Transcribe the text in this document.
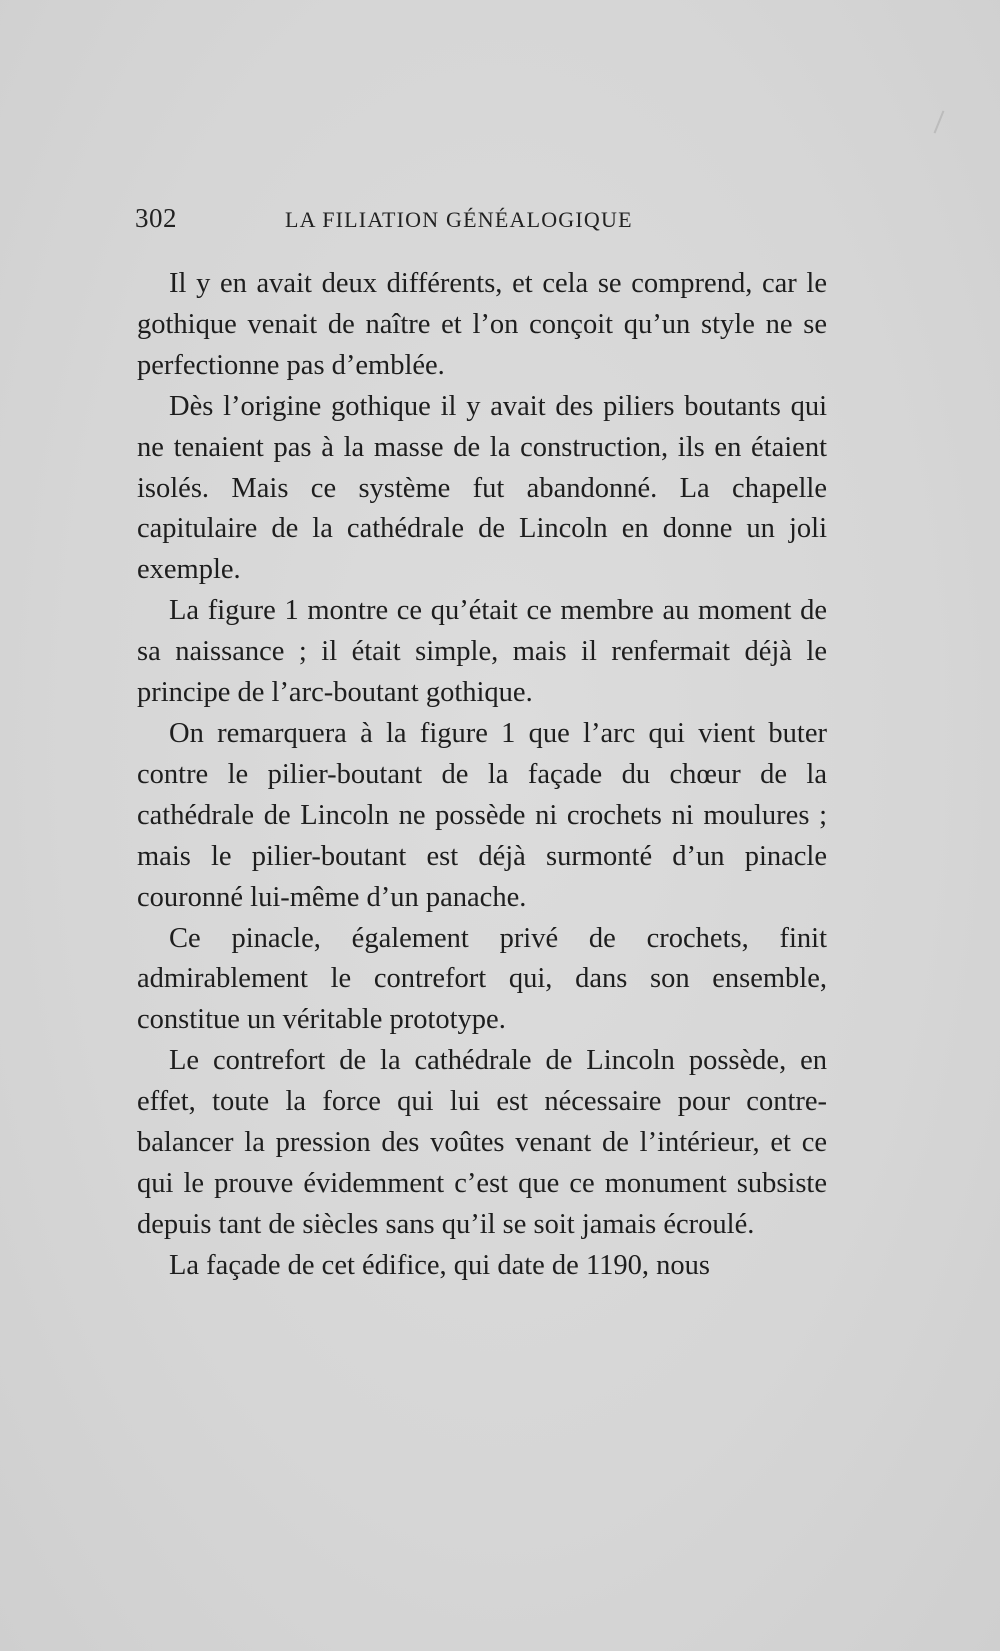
302	LA FILIATION GÉNÉALOGIQUE

Il y en avait deux différents, et cela se comprend, car le gothique venait de naître et l’on conçoit qu’un style ne se perfectionne pas d’emblée.

Dès l’origine gothique il y avait des piliers boutants qui ne tenaient pas à la masse de la construction, ils en étaient isolés. Mais ce système fut abandonné. La chapelle capitulaire de la cathédrale de Lincoln en donne un joli exemple.

La figure 1 montre ce qu’était ce membre au moment de sa naissance ; il était simple, mais il renfermait déjà le principe de l’arc-boutant gothique.

On remarquera à la figure 1 que l’arc qui vient buter contre le pilier-boutant de la façade du chœur de la cathédrale de Lincoln ne possède ni crochets ni moulures ; mais le pilier-boutant est déjà surmonté d’un pinacle couronné lui-même d’un panache.

Ce pinacle, également privé de crochets, finit admirablement le contrefort qui, dans son ensemble, constitue un véritable prototype.

Le contrefort de la cathédrale de Lincoln possède, en effet, toute la force qui lui est nécessaire pour contre-balancer la pression des voûtes venant de l’intérieur, et ce qui le prouve évidemment c’est que ce monument subsiste depuis tant de siècles sans qu’il se soit jamais écroulé.

La façade de cet édifice, qui date de 1190, nous
